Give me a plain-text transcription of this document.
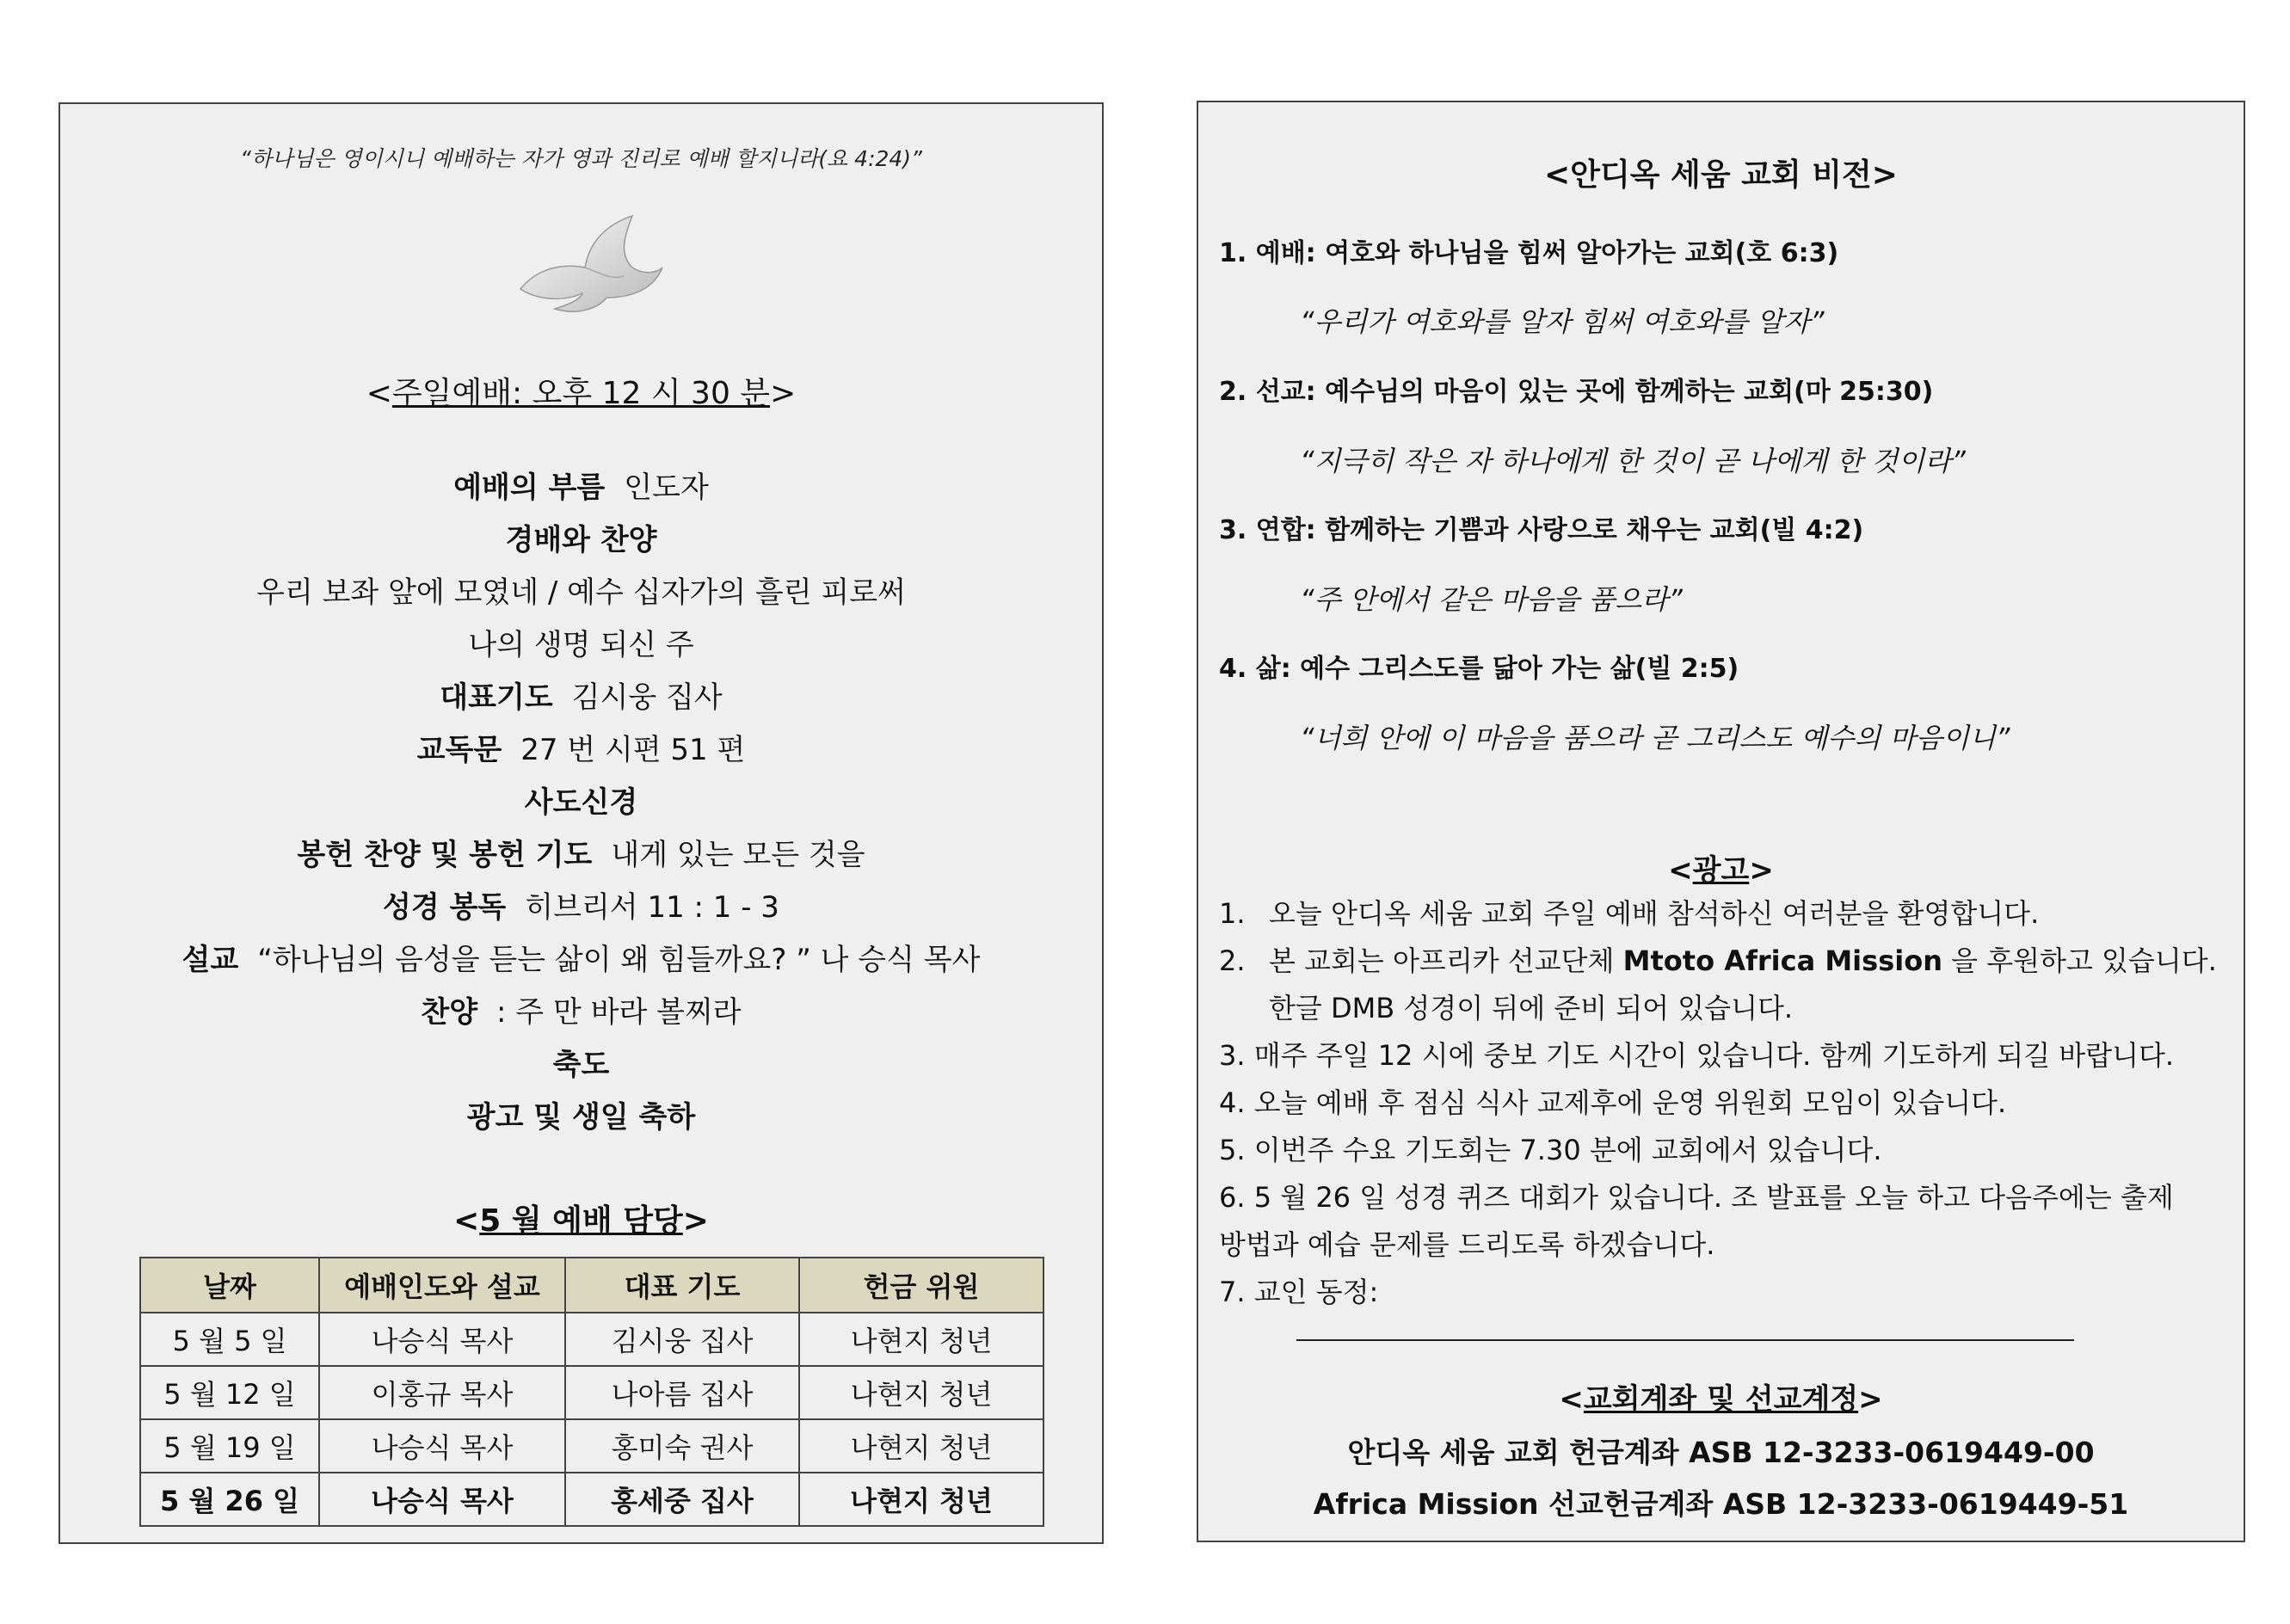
“하나님은 영이시니 예배하는 자가 영과 진리로 예배 할지니라(요 4:24)”
<주일예배: 오후 12 시 30 분>
예배의 부름 인도자
경배와 찬양
우리 보좌 앞에 모였네 / 예수 십자가의 흘린 피로써
나의 생명 되신 주
대표기도 김시웅 집사
교독문 27 번 시편 51 편
사도신경
봉헌 찬양 및 봉헌 기도 내게 있는 모든 것을
성경 봉독 히브리서 11 : 1 - 3
설교 “하나님의 음성을 듣는 삶이 왜 힘들까요? ” 나 승식 목사
찬양 : 주 만 바라 볼찌라
축도
광고 및 생일 축하
<5 월 예배 담당>
날짜	예배인도와 설교	대표 기도	헌금 위원
5 월 5 일	나승식 목사	김시웅 집사	나현지 청년
5 월 12 일	이홍규 목사	나아름 집사	나현지 청년
5 월 19 일	나승식 목사	홍미숙 권사	나현지 청년
5 월 26 일	나승식 목사	홍세중 집사	나현지 청년
<안디옥 세움 교회 비전>
1. 예배: 여호와 하나님을 힘써 알아가는 교회(호 6:3)
“우리가 여호와를 알자 힘써 여호와를 알자”
2. 선교: 예수님의 마음이 있는 곳에 함께하는 교회(마 25:30)
“지극히 작은 자 하나에게 한 것이 곧 나에게 한 것이라”
3. 연합: 함께하는 기쁨과 사랑으로 채우는 교회(빌 4:2)
“주 안에서 같은 마음을 품으라”
4. 삶: 예수 그리스도를 닮아 가는 삶(빌 2:5)
“너희 안에 이 마음을 품으라 곧 그리스도 예수의 마음이니”
<광고>
1. 오늘 안디옥 세움 교회 주일 예배 참석하신 여러분을 환영합니다.
2. 본 교회는 아프리카 선교단체 Mtoto Africa Mission 을 후원하고 있습니다.
한글 DMB 성경이 뒤에 준비 되어 있습니다.
3. 매주 주일 12 시에 중보 기도 시간이 있습니다. 함께 기도하게 되길 바랍니다.
4. 오늘 예배 후 점심 식사 교제후에 운영 위원회 모임이 있습니다.
5. 이번주 수요 기도회는 7.30 분에 교회에서 있습니다.
6. 5 월 26 일 성경 퀴즈 대회가 있습니다. 조 발표를 오늘 하고 다음주에는 출제
방법과 예습 문제를 드리도록 하겠습니다.
7. 교인 동정:
<교회계좌 및 선교계정>
안디옥 세움 교회 헌금계좌 ASB 12-3233-0619449-00
Africa Mission 선교헌금계좌 ASB 12-3233-0619449-51
